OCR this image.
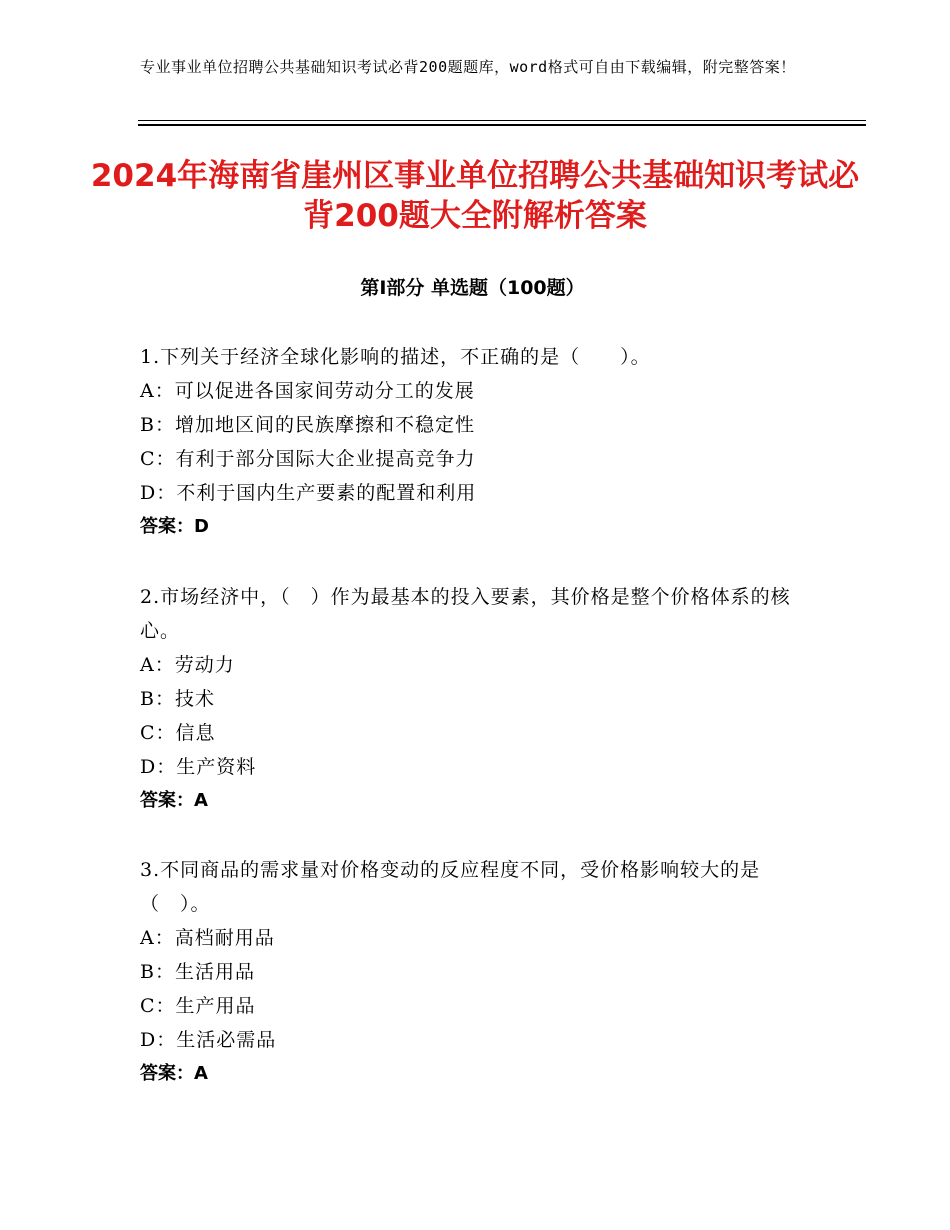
专业事业单位招聘公共基础知识考试必背200题题库，word格式可自由下载编辑，附完整答案！
2024年海南省崖州区事业单位招聘公共基础知识考试必背200题大全附解析答案
第Ⅰ部分 单选题（100题）
1.下列关于经济全球化影响的描述，不正确的是（　　）。
A：可以促进各国家间劳动分工的发展
B：增加地区间的民族摩擦和不稳定性
C：有利于部分国际大企业提高竞争力
D：不利于国内生产要素的配置和利用
答案：D
2.市场经济中，（　）作为最基本的投入要素，其价格是整个价格体系的核心。
A：劳动力
B：技术
C：信息
D：生产资料
答案：A
3.不同商品的需求量对价格变动的反应程度不同，受价格影响较大的是（　）。
A：高档耐用品
B：生活用品
C：生产用品
D：生活必需品
答案：A
